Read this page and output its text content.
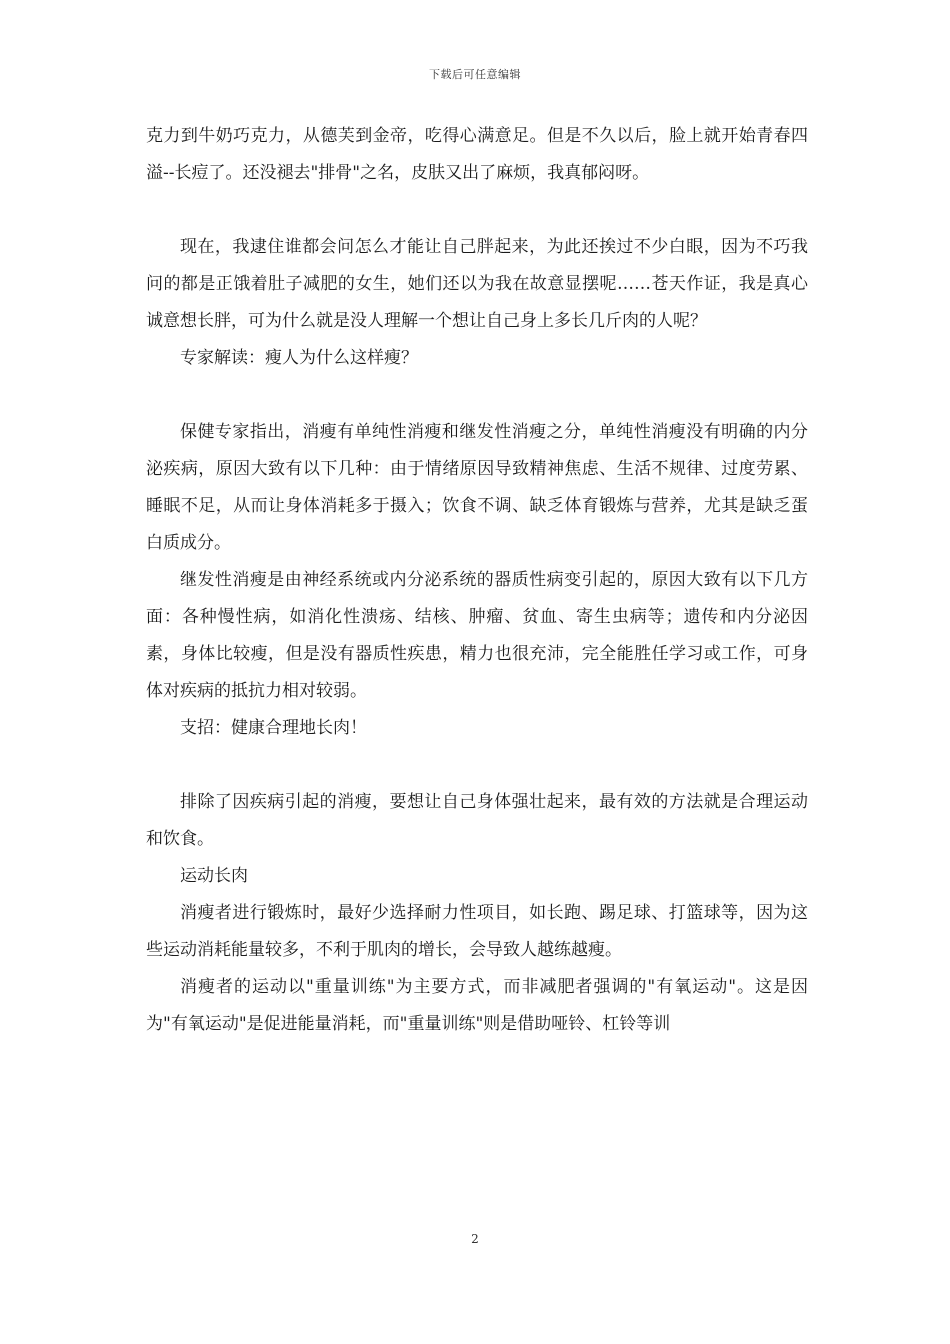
下载后可任意编辑

克力到牛奶巧克力，从德芙到金帝，吃得心满意足。但是不久以后，脸上就开始青春四溢--长痘了。还没褪去"排骨"之名，皮肤又出了麻烦，我真郁闷呀。

现在，我逮住谁都会问怎么才能让自己胖起来，为此还挨过不少白眼，因为不巧我问的都是正饿着肚子减肥的女生，她们还以为我在故意显摆呢……苍天作证，我是真心诚意想长胖，可为什么就是没人理解一个想让自己身上多长几斤肉的人呢？

专家解读：瘦人为什么这样瘦？

保健专家指出，消瘦有单纯性消瘦和继发性消瘦之分，单纯性消瘦没有明确的内分泌疾病，原因大致有以下几种：由于情绪原因导致精神焦虑、生活不规律、过度劳累、睡眠不足，从而让身体消耗多于摄入；饮食不调、缺乏体育锻炼与营养，尤其是缺乏蛋白质成分。

继发性消瘦是由神经系统或内分泌系统的器质性病变引起的，原因大致有以下几方面：各种慢性病，如消化性溃疡、结核、肿瘤、贫血、寄生虫病等；遗传和内分泌因素，身体比较瘦，但是没有器质性疾患，精力也很充沛，完全能胜任学习或工作，可身体对疾病的抵抗力相对较弱。

支招：健康合理地长肉！

排除了因疾病引起的消瘦，要想让自己身体强壮起来，最有效的方法就是合理运动和饮食。

运动长肉

消瘦者进行锻炼时，最好少选择耐力性项目，如长跑、踢足球、打篮球等，因为这些运动消耗能量较多，不利于肌肉的增长，会导致人越练越瘦。

消瘦者的运动以"重量训练"为主要方式，而非减肥者强调的"有氧运动"。这是因为"有氧运动"是促进能量消耗，而"重量训练"则是借助哑铃、杠铃等训

2
